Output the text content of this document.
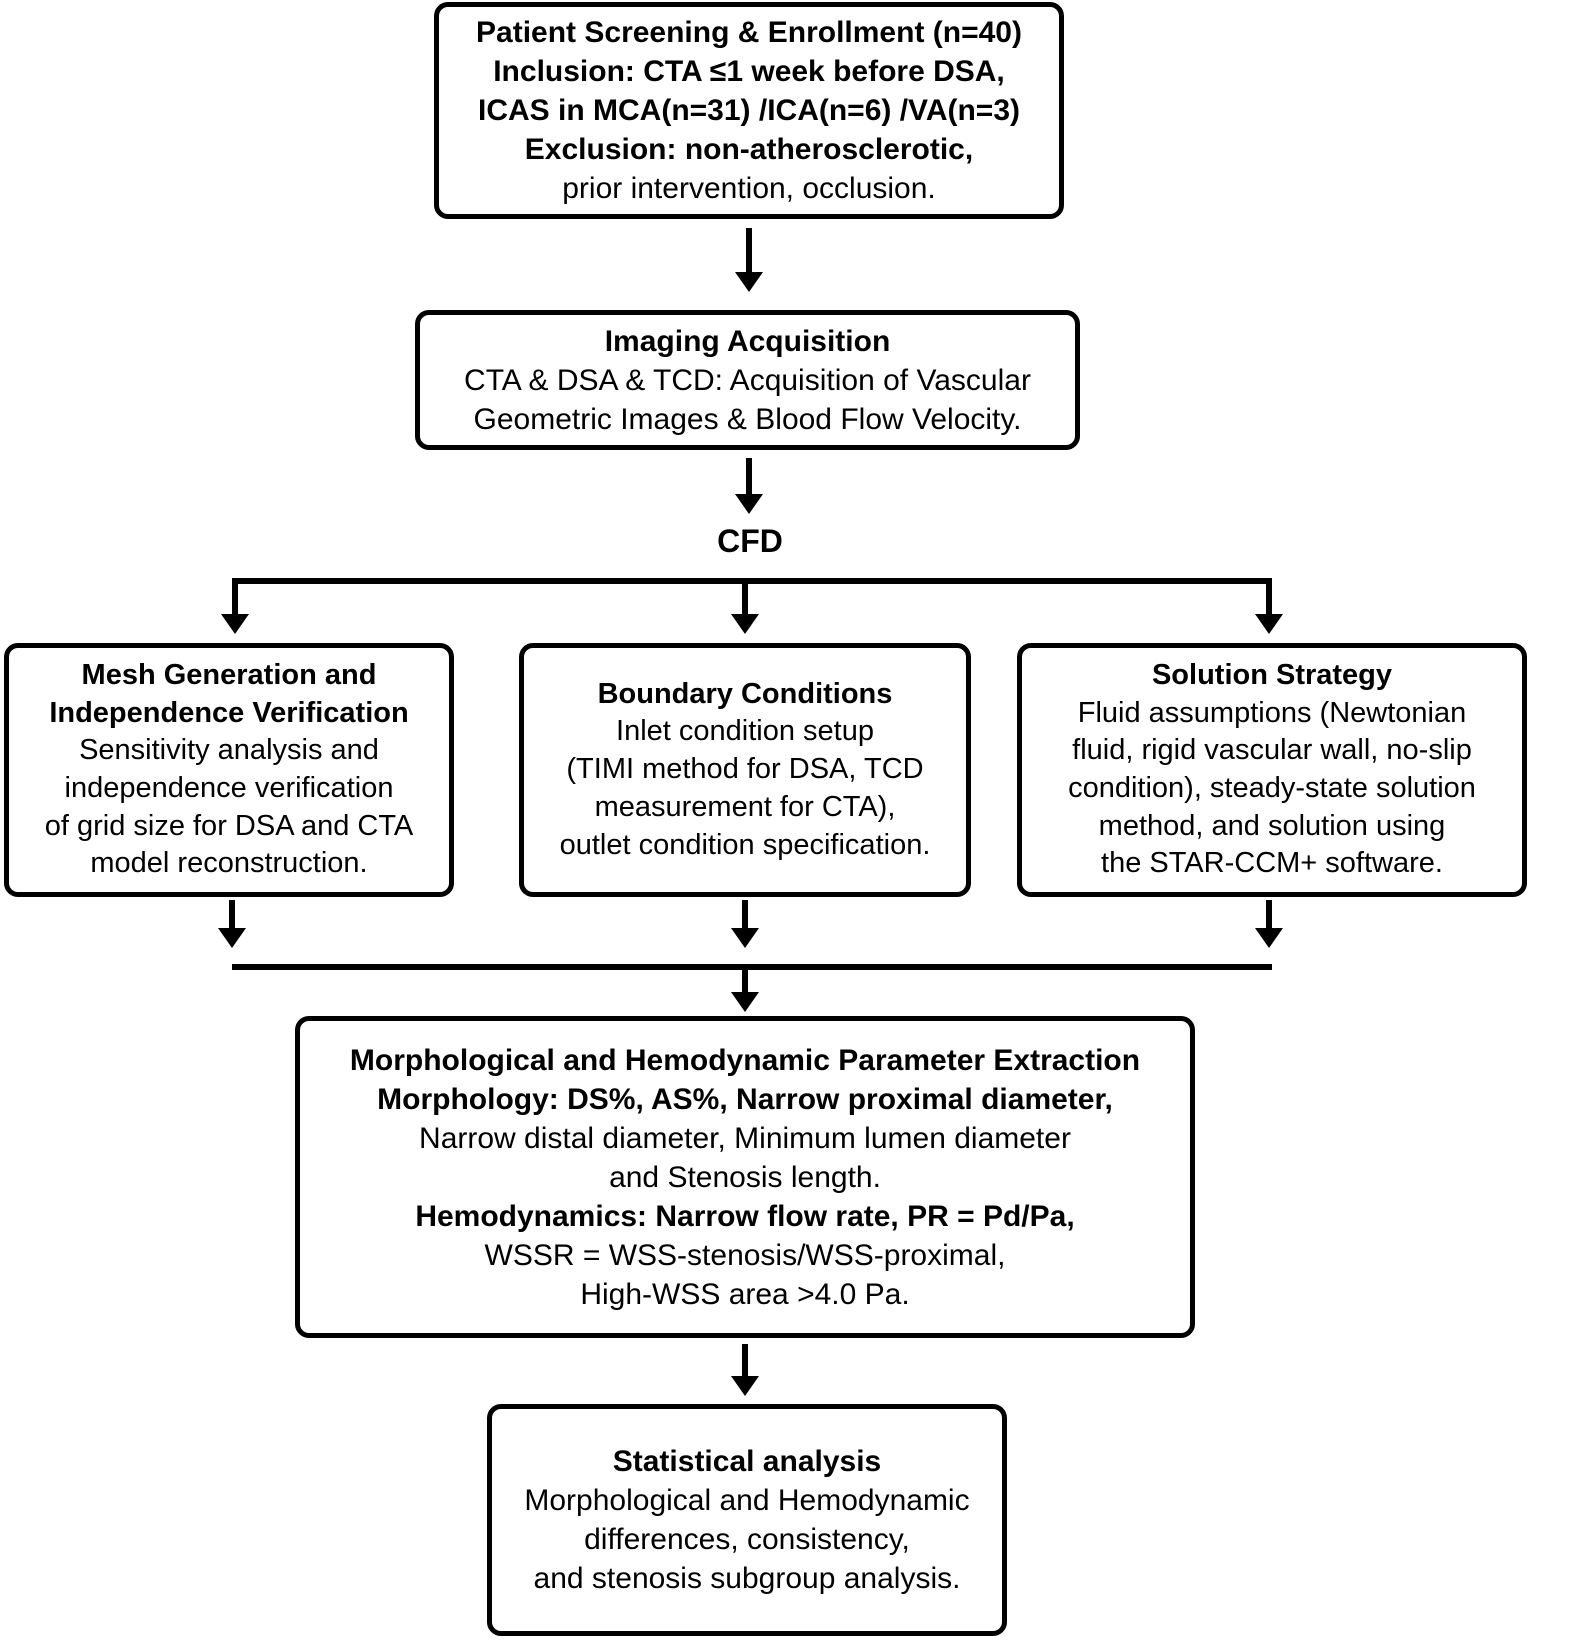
Patient Screening & Enrollment (n=40)
Inclusion: CTA ≤1 week before DSA,
ICAS in MCA(n=31) /ICA(n=6) /VA(n=3)
Exclusion: non-atherosclerotic,
prior intervention, occlusion.
Imaging Acquisition
CTA & DSA & TCD: Acquisition of Vascular
Geometric Images & Blood Flow Velocity.
CFD
Mesh Generation and
Independence Verification
Sensitivity analysis and
independence verification
of grid size for DSA and CTA
model reconstruction.
Boundary Conditions
Inlet condition setup
(TIMI method for DSA, TCD
measurement for CTA),
outlet condition specification.
Solution Strategy
Fluid assumptions (Newtonian
fluid, rigid vascular wall, no-slip
condition), steady-state solution
method, and solution using
the STAR-CCM+ software.
Morphological and Hemodynamic Parameter Extraction
Morphology: DS%, AS%, Narrow proximal diameter,
Narrow distal diameter, Minimum lumen diameter
and Stenosis length.
Hemodynamics: Narrow flow rate, PR = Pd/Pa,
WSSR = WSS-stenosis/WSS-proximal,
High-WSS area >4.0 Pa.
Statistical analysis
Morphological and Hemodynamic
differences, consistency,
and stenosis subgroup analysis.
